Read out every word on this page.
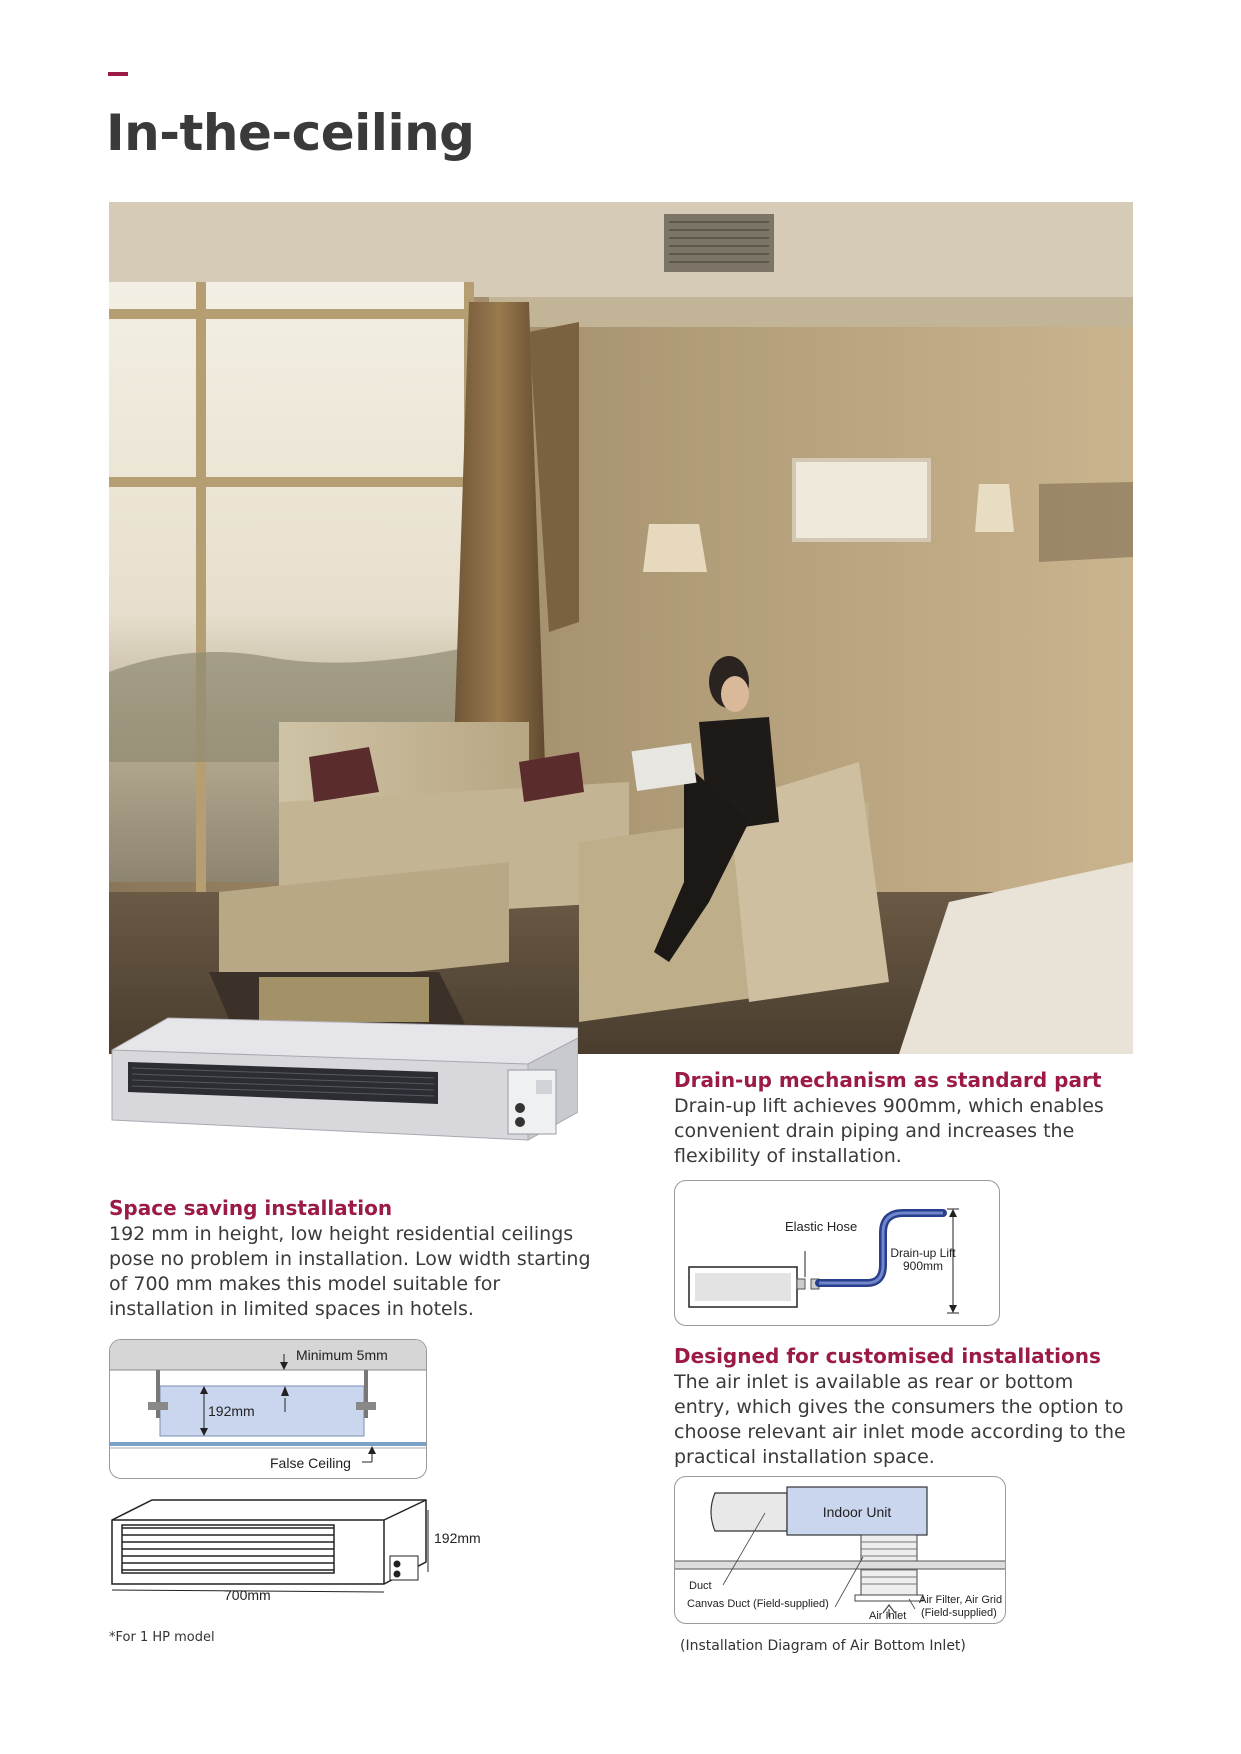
In-the-ceiling
Space saving installation
192 mm in height, low height residential ceilings pose no problem in installation. Low width starting of 700 mm makes this model suitable for installation in limited spaces in hotels.
Minimum 5mm
192mm
False Ceiling
192mm
700mm
*For 1 HP model
Drain-up mechanism as standard part
Drain-up lift achieves 900mm, which enables convenient drain piping and increases the flexibility of installation.
Elastic Hose
Drain-up Lift
900mm
Designed for customised installations
The air inlet is available as rear or bottom entry, which gives the consumers the option to choose relevant air inlet mode according to the practical installation space.
Indoor Unit
Duct
Canvas Duct (Field-supplied)
Air Inlet
Air Filter, Air Grid
(Field-supplied)
(Installation Diagram of Air Bottom Inlet)
